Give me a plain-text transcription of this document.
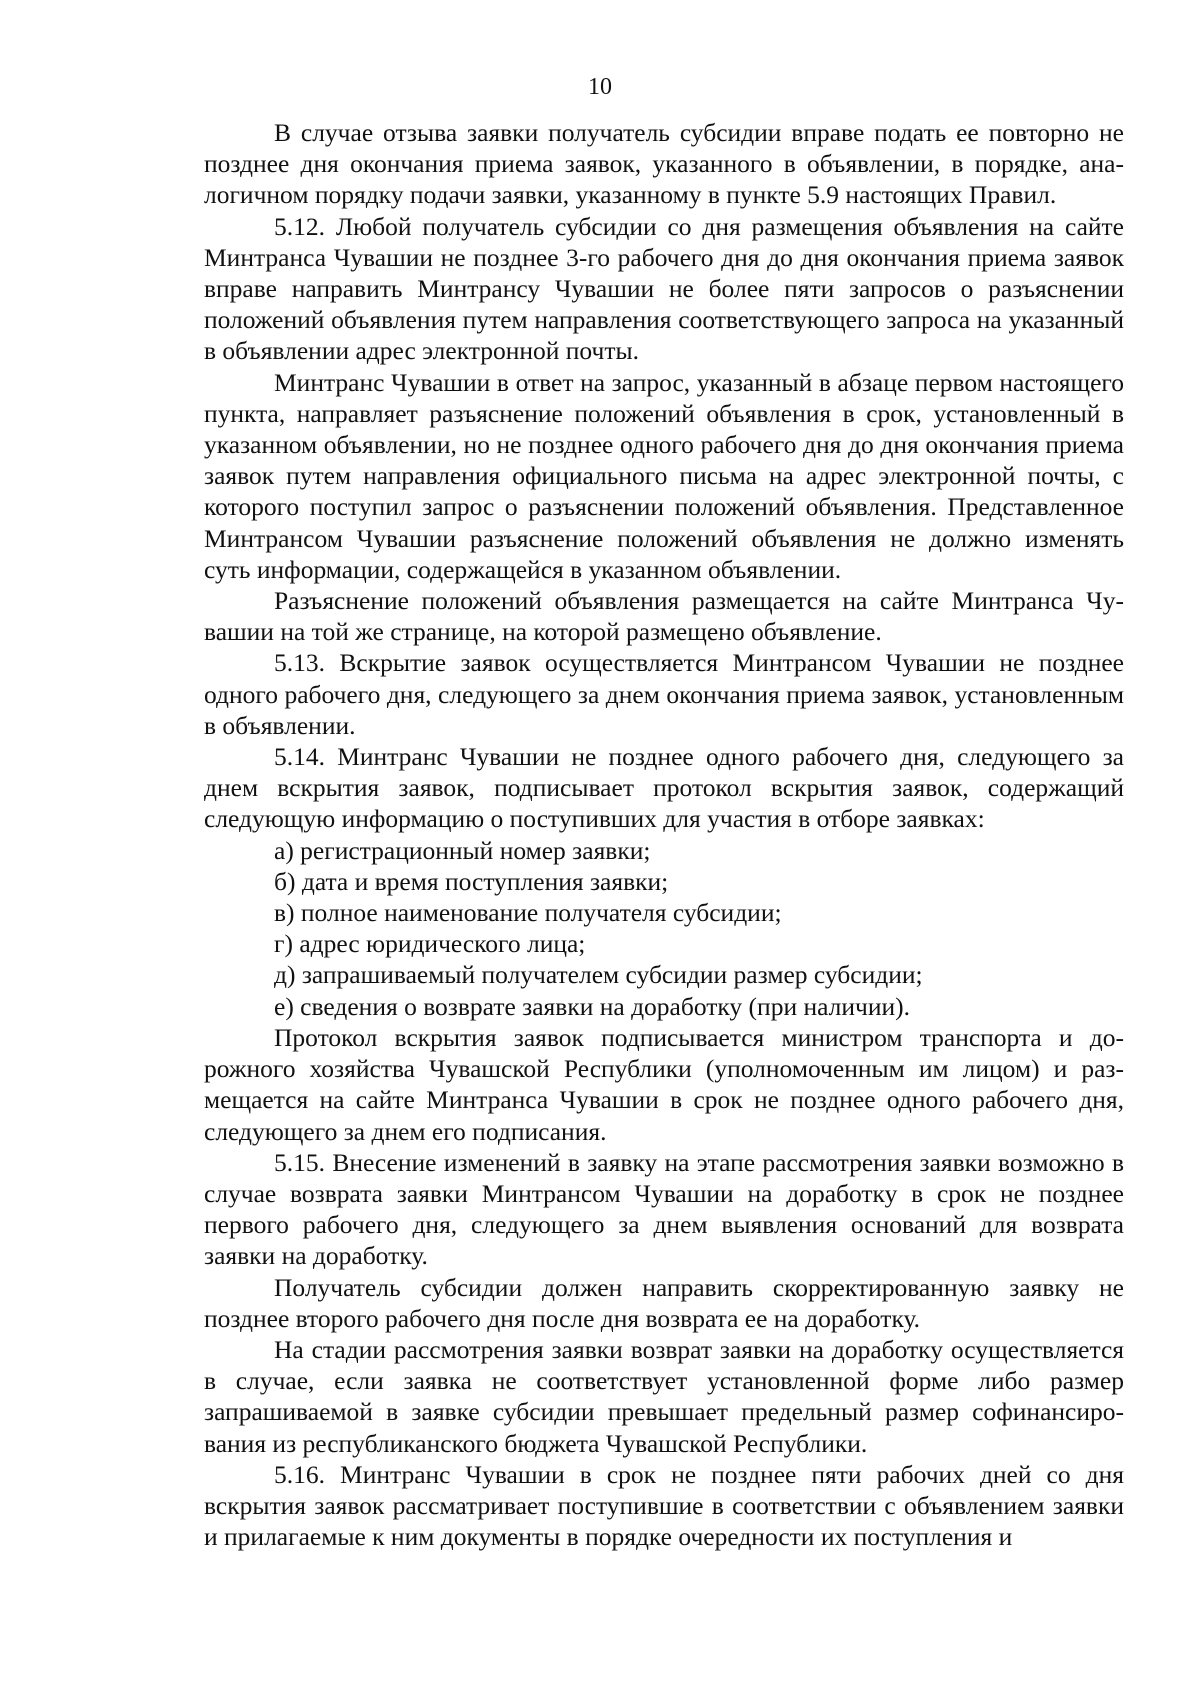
10

В случае отзыва заявки получатель субсидии вправе подать ее повторно не позднее дня окончания приема заявок, указанного в объявлении, в порядке, аналогичном порядку подачи заявки, указанному в пункте 5.9 настоящих Правил.

5.12. Любой получатель субсидии со дня размещения объявления на сайте Минтранса Чувашии не позднее 3-го рабочего дня до дня окончания приема заявок вправе направить Минтрансу Чувашии не более пяти запросов о разъяснении положений объявления путем направления соответствующего запроса на указанный в объявлении адрес электронной почты.

Минтранс Чувашии в ответ на запрос, указанный в абзаце первом настоящего пункта, направляет разъяснение положений объявления в срок, установленный в указанном объявлении, но не позднее одного рабочего дня до дня окончания приема заявок путем направления официального письма на адрес электронной почты, с которого поступил запрос о разъяснении положений объявления. Представленное Минтрансом Чувашии разъяснение положений объявления не должно изменять суть информации, содержащейся в указанном объявлении.

Разъяснение положений объявления размещается на сайте Минтранса Чувашии на той же странице, на которой размещено объявление.

5.13. Вскрытие заявок осуществляется Минтрансом Чувашии не позднее одного рабочего дня, следующего за днем окончания приема заявок, установленным в объявлении.

5.14. Минтранс Чувашии не позднее одного рабочего дня, следующего за днем вскрытия заявок, подписывает протокол вскрытия заявок, содержащий следующую информацию о поступивших для участия в отборе заявках:

а) регистрационный номер заявки;

б) дата и время поступления заявки;

в) полное наименование получателя субсидии;

г) адрес юридического лица;

д) запрашиваемый получателем субсидии размер субсидии;

е) сведения о возврате заявки на доработку (при наличии).

Протокол вскрытия заявок подписывается министром транспорта и дорожного хозяйства Чувашской Республики (уполномоченным им лицом) и размещается на сайте Минтранса Чувашии в срок не позднее одного рабочего дня, следующего за днем его подписания.

5.15. Внесение изменений в заявку на этапе рассмотрения заявки возможно в случае возврата заявки Минтрансом Чувашии на доработку в срок не позднее первого рабочего дня, следующего за днем выявления оснований для возврата заявки на доработку.

Получатель субсидии должен направить скорректированную заявку не позднее второго рабочего дня после дня возврата ее на доработку.

На стадии рассмотрения заявки возврат заявки на доработку осуществляется в случае, если заявка не соответствует установленной форме либо размер запрашиваемой в заявке субсидии превышает предельный размер софинансирования из республиканского бюджета Чувашской Республики.

5.16. Минтранс Чувашии в срок не позднее пяти рабочих дней со дня вскрытия заявок рассматривает поступившие в соответствии с объявлением заявки и прилагаемые к ним документы в порядке очередности их поступления и
